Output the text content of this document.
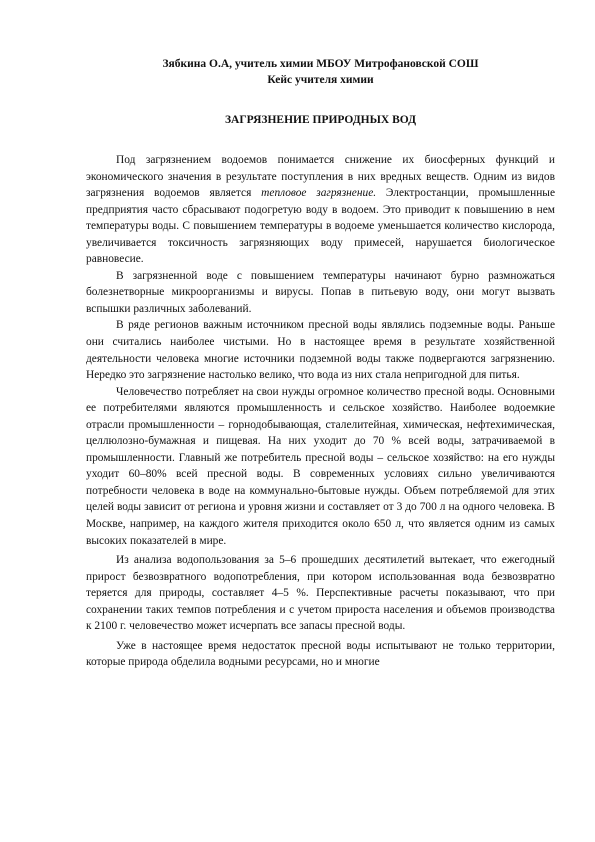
Зябкина О.А, учитель химии МБОУ Митрофановской СОШ
Кейс учителя химии
ЗАГРЯЗНЕНИЕ ПРИРОДНЫХ ВОД

Под загрязнением водоемов понимается снижение их биосферных функций и экономического значения в результате поступления в них вредных веществ. Одним из видов загрязнения водоемов является тепловое загрязнение. Электростанции, промышленные предприятия часто сбрасывают подогретую воду в водоем. Это приводит к повышению в нем температуры воды. С повышением температуры в водоеме уменьшается количество кислорода, увеличивается токсичность загрязняющих воду примесей, нарушается биологическое равновесие.

В загрязненной воде с повышением температуры начинают бурно размножаться болезнетворные микроорганизмы и вирусы. Попав в питьевую воду, они могут вызвать вспышки различных заболеваний.

В ряде регионов важным источником пресной воды являлись подземные воды. Раньше они считались наиболее чистыми. Но в настоящее время в результате хозяйственной деятельности человека многие источники подземной воды также подвергаются загрязнению. Нередко это загрязнение настолько велико, что вода из них стала непригодной для питья.

Человечество потребляет на свои нужды огромное количество пресной воды. Основными ее потребителями являются промышленность и сельское хозяйство. Наиболее водоемкие отрасли промышленности – горнодобывающая, сталелитейная, химическая, нефтехимическая, целлюлозно-бумажная и пищевая. На них уходит до 70 % всей воды, затрачиваемой в промышленности. Главный же потребитель пресной воды – сельское хозяйство: на его нужды уходит 60–80% всей пресной воды. В современных условиях сильно увеличиваются потребности человека в воде на коммунально-бытовые нужды. Объем потребляемой для этих целей воды зависит от региона и уровня жизни и составляет от 3 до 700 л на одного человека. В Москве, например, на каждого жителя приходится около 650 л, что является одним из самых высоких показателей в мире.

Из анализа водопользования за 5–6 прошедших десятилетий вытекает, что ежегодный прирост безвозвратного водопотребления, при котором использованная вода безвозвратно теряется для природы, составляет 4–5 %. Перспективные расчеты показывают, что при сохранении таких темпов потребления и с учетом прироста населения и объемов производства к 2100 г. человечество может исчерпать все запасы пресной воды.

Уже в настоящее время недостаток пресной воды испытывают не только территории, которые природа обделила водными ресурсами, но и многие
